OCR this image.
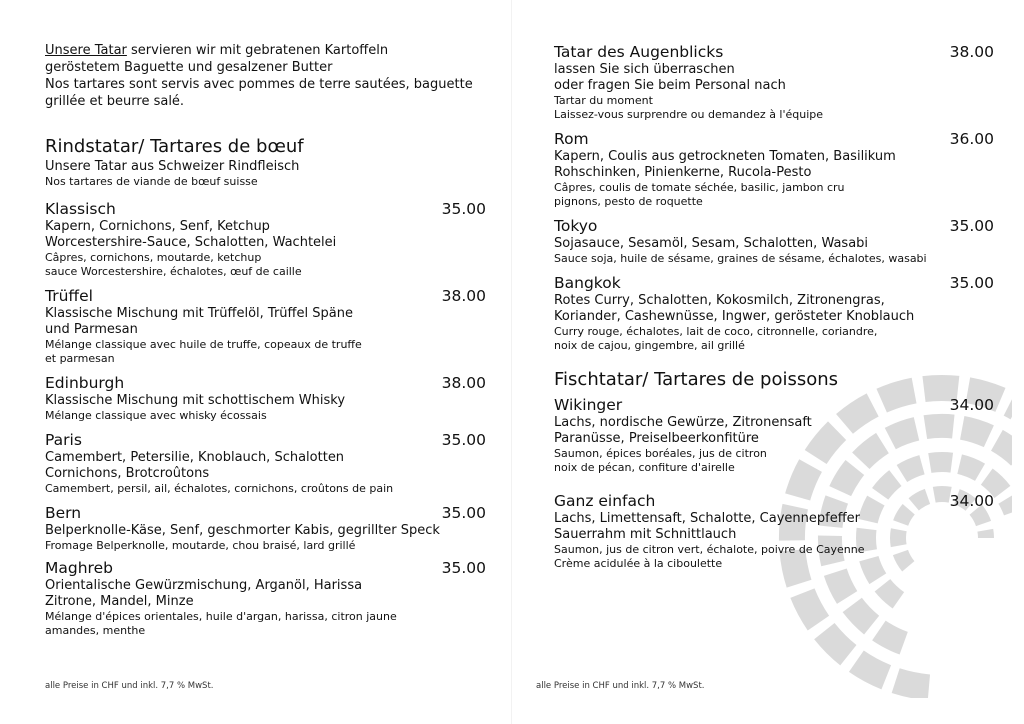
Unsere Tatar servieren wir mit gebratenen Kartoffeln

geröstetem Baguette und gesalzener Butter

Nos tartares sont servis avec pommes de terre sautées, baguette

grillée et beurre salé.

Rindstatar/ Tartares de bœuf

Unsere Tatar aus Schweizer Rindfleisch

Nos tartares de viande de bœuf suisse

Klassisch	35.00

Kapern, Cornichons, Senf, Ketchup
Worcestershire-Sauce, Schalotten, Wachtelei

Câpres, cornichons, moutarde, ketchup
sauce Worcestershire, échalotes, œuf de caille

Trüffel	38.00

Klassische Mischung mit Trüffelöl, Trüffel Späne
und Parmesan

Mélange classique avec huile de truffe, copeaux de truffe
et parmesan

Edinburgh	38.00

Klassische Mischung mit schottischem Whisky

Mélange classique avec whisky écossais

Paris	35.00

Camembert, Petersilie, Knoblauch, Schalotten
Cornichons, Brotcroûtons

Camembert, persil, ail, échalotes, cornichons, croûtons de pain

Bern	35.00

Belperknolle-Käse, Senf, geschmorter Kabis, gegrillter Speck

Fromage Belperknolle, moutarde, chou braisé, lard grillé

Maghreb	35.00

Orientalische Gewürzmischung, Arganöl, Harissa
Zitrone, Mandel, Minze

Mélange d'épices orientales, huile d'argan, harissa, citron jaune
amandes, menthe

alle Preise in CHF und inkl. 7,7 % MwSt.
Tatar des Augenblicks	38.00

lassen Sie sich überraschen
oder fragen Sie beim Personal nach

Tartar du moment
Laissez-vous surprendre ou demandez à l'équipe

Rom	36.00

Kapern, Coulis aus getrockneten Tomaten, Basilikum
Rohschinken, Pinienkerne, Rucola-Pesto

Câpres, coulis de tomate séchée, basilic, jambon cru
pignons, pesto de roquette

Tokyo	35.00

Sojasauce, Sesamöl, Sesam, Schalotten, Wasabi

Sauce soja, huile de sésame, graines de sésame, échalotes, wasabi

Bangkok	35.00

Rotes Curry, Schalotten, Kokosmilch, Zitronengras,
Koriander, Cashewnüsse, Ingwer, gerösteter Knoblauch

Curry rouge, échalotes, lait de coco, citronnelle, coriandre,
noix de cajou, gingembre, ail grillé

Fischtatar/ Tartares de poissons
Wikinger	34.00

Lachs, nordische Gewürze, Zitronensaft
Paranüsse, Preiselbeerkonfitüre

Saumon, épices boréales, jus de citron
noix de pécan, confiture d'airelle

Ganz einfach	34.00

Lachs, Limettensaft, Schalotte, Cayennepfeffer
Sauerrahm mit Schnittlauch

Saumon, jus de citron vert, échalote, poivre de Cayenne
Crème acidulée à la ciboulette

alle Preise in CHF und inkl. 7,7 % MwSt.
